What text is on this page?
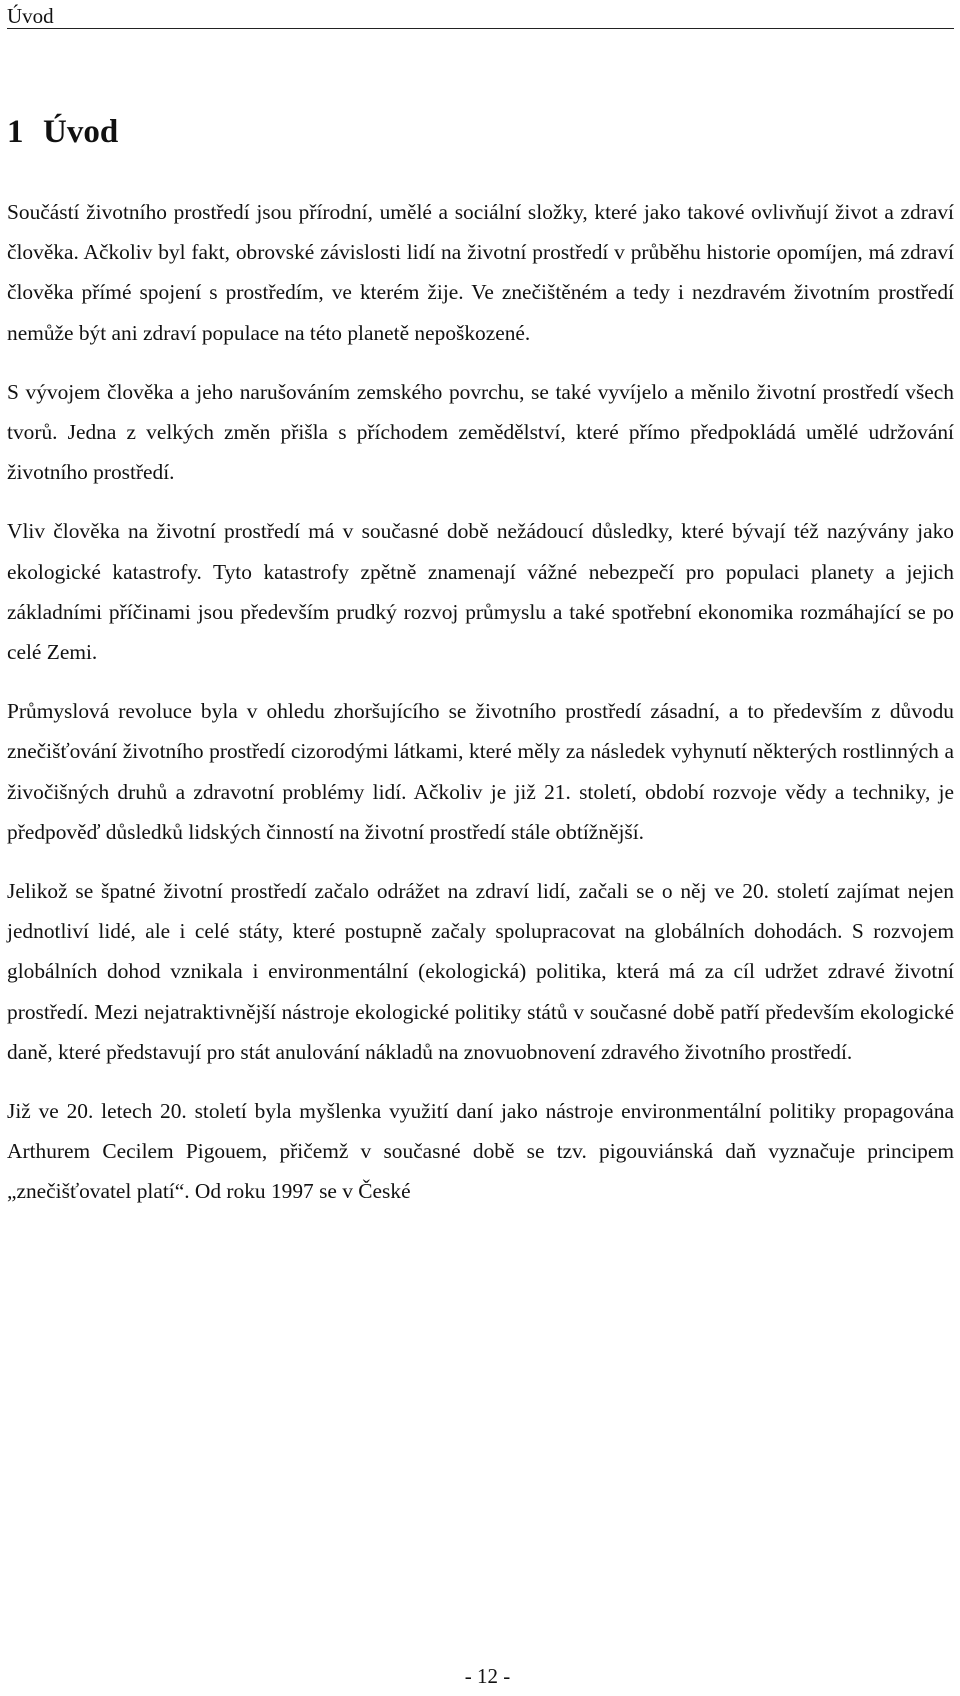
Úvod
1 Úvod

Součástí životního prostředí jsou přírodní, umělé a sociální složky, které jako takové ovlivňují život a zdraví člověka. Ačkoliv byl fakt, obrovské závislosti lidí na životní prostředí v průběhu historie opomíjen, má zdraví člověka přímé spojení s prostředím, ve kterém žije. Ve znečištěném a tedy i nezdravém životním prostředí nemůže být ani zdraví populace na této planetě nepoškozené.

S vývojem člověka a jeho narušováním zemského povrchu, se také vyvíjelo a měnilo životní prostředí všech tvorů. Jedna z velkých změn přišla s příchodem zemědělství, které přímo předpokládá umělé udržování životního prostředí.

Vliv člověka na životní prostředí má v současné době nežádoucí důsledky, které bývají též nazývány jako ekologické katastrofy. Tyto katastrofy zpětně znamenají vážné nebezpečí pro populaci planety a jejich základními příčinami jsou především prudký rozvoj průmyslu a také spotřební ekonomika rozmáhající se po celé Zemi.

Průmyslová revoluce byla v ohledu zhoršujícího se životního prostředí zásadní, a to především z důvodu znečišťování životního prostředí cizorodými látkami, které měly za následek vyhynutí některých rostlinných a živočišných druhů a zdravotní problémy lidí. Ačkoliv je již 21. století, období rozvoje vědy a techniky, je předpověď důsledků lidských činností na životní prostředí stále obtížnější.

Jelikož se špatné životní prostředí začalo odrážet na zdraví lidí, začali se o něj ve 20. století zajímat nejen jednotliví lidé, ale i celé státy, které postupně začaly spolupracovat na globálních dohodách. S rozvojem globálních dohod vznikala i environmentální (ekologická) politika, která má za cíl udržet zdravé životní prostředí. Mezi nejatraktivnější nástroje ekologické politiky států v současné době patří především ekologické daně, které představují pro stát anulování nákladů na znovuobnovení zdravého životního prostředí.

Již ve 20. letech 20. století byla myšlenka využití daní jako nástroje environmentální politiky propagována Arthurem Cecilem Pigouem, přičemž v současné době se tzv. pigouviánská daň vyznačuje principem „znečišťovatel platí“. Od roku 1997 se v České

- 12 -
